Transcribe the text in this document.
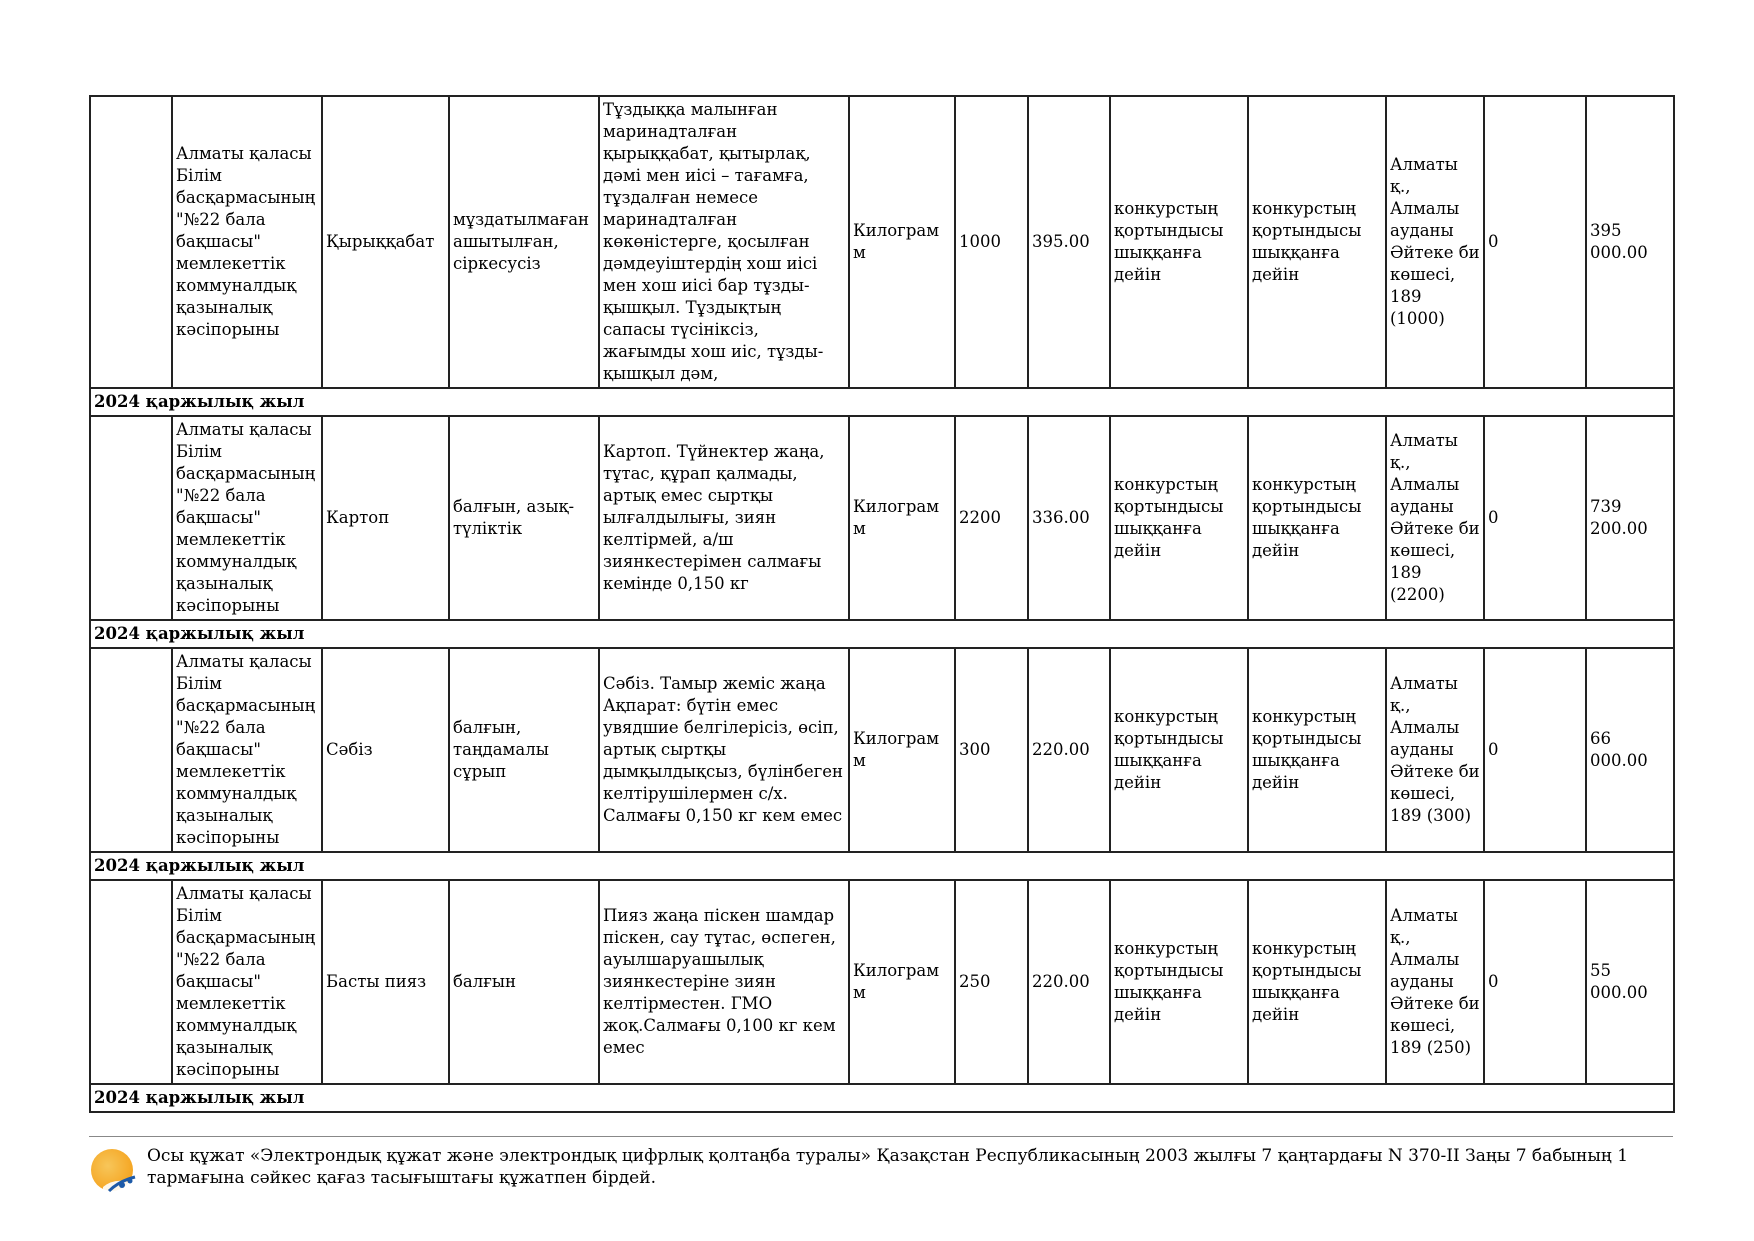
	Алматы қаласы Білім басқармасының "№22 бала бақшасы" мемлекеттік коммуналдық қазыналық кәсіпорыны	Қырыққабат	мұздатылмаған ашытылған, сіркесусіз	Тұздыққа малынған маринадталған қырыққабат, қытырлақ, дәмі мен иісі – тағамға, тұздалған немесе маринадталған көкөністерге, қосылған дәмдеуіштердің хош иісі мен хош иісі бар тұзды-қышқыл. Тұздықтың сапасы түсініксіз, жағымды хош иіс, тұзды-қышқыл дәм,	Килограмм	1000	395.00	конкурстың қортындысы шыққанға дейін	конкурстың қортындысы шыққанға дейін	Алматы қ., Алмалы ауданы Әйтеке би көшесі, 189 (1000)	0	395 000.00
2024 қаржылық жыл												
	Алматы қаласы Білім басқармасының "№22 бала бақшасы" мемлекеттік коммуналдық қазыналық кәсіпорыны	Картоп	балғын, азық-түліктік	Картоп. Түйнектер жаңа, тұтас, құрап қалмады, артық емес сыртқы ылғалдылығы, зиян келтірмей, а/ш зиянкестерімен салмағы кемінде 0,150 кг	Килограмм	2200	336.00	конкурстың қортындысы шыққанға дейін	конкурстың қортындысы шыққанға дейін	Алматы қ., Алмалы ауданы Әйтеке би көшесі, 189 (2200)	0	739 200.00
2024 қаржылық жыл												
	Алматы қаласы Білім басқармасының "№22 бала бақшасы" мемлекеттік коммуналдық қазыналық кәсіпорыны	Сәбіз	балғын, таңдамалы сұрып	Сәбіз. Тамыр жеміс жаңа Ақпарат: бүтін емес увядшие белгілерісіз, өсіп, артық сыртқы дымқылдықсыз, бүлінбеген келтірушілермен с/х. Салмағы 0,150 кг кем емес	Килограмм	300	220.00	конкурстың қортындысы шыққанға дейін	конкурстың қортындысы шыққанға дейін	Алматы қ., Алмалы ауданы Әйтеке би көшесі, 189 (300)	0	66 000.00
2024 қаржылық жыл												
	Алматы қаласы Білім басқармасының "№22 бала бақшасы" мемлекеттік коммуналдық қазыналық кәсіпорыны	Басты пияз	балғын	Пияз жаңа піскен шамдар піскен, сау тұтас, өспеген, ауылшаруашылық зиянкестеріне зиян келтірместен. ГМО жоқ.Салмағы 0,100 кг кем емес	Килограмм	250	220.00	конкурстың қортындысы шыққанға дейін	конкурстың қортындысы шыққанға дейін	Алматы қ., Алмалы ауданы Әйтеке би көшесі, 189 (250)	0	55 000.00
2024 қаржылық жыл												
Осы құжат «Электрондық құжат және электрондық цифрлық қолтаңба туралы» Қазақстан Республикасының 2003 жылғы 7 қаңтардағы N 370-II Заңы 7 бабының 1 тармағына сәйкес қағаз тасығыштағы құжатпен бірдей.
